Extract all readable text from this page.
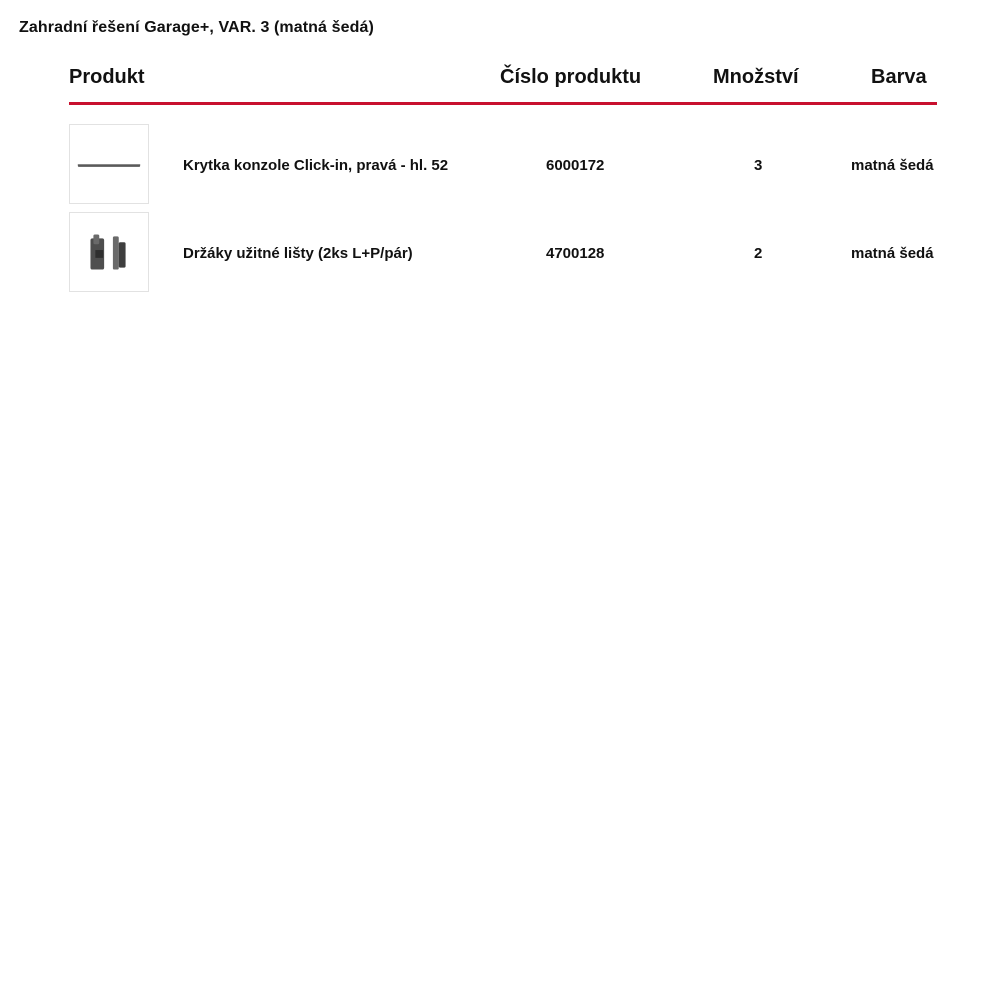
Zahradní řešení Garage+, VAR. 3 (matná šedá)
Produkt	Číslo produktu	Množství	Barva
Krytka konzole Click-in, pravá - hl. 52	6000172	3	matná šedá
Držáky užitné lišty (2ks L+P/pár)	4700128	2	matná šedá
